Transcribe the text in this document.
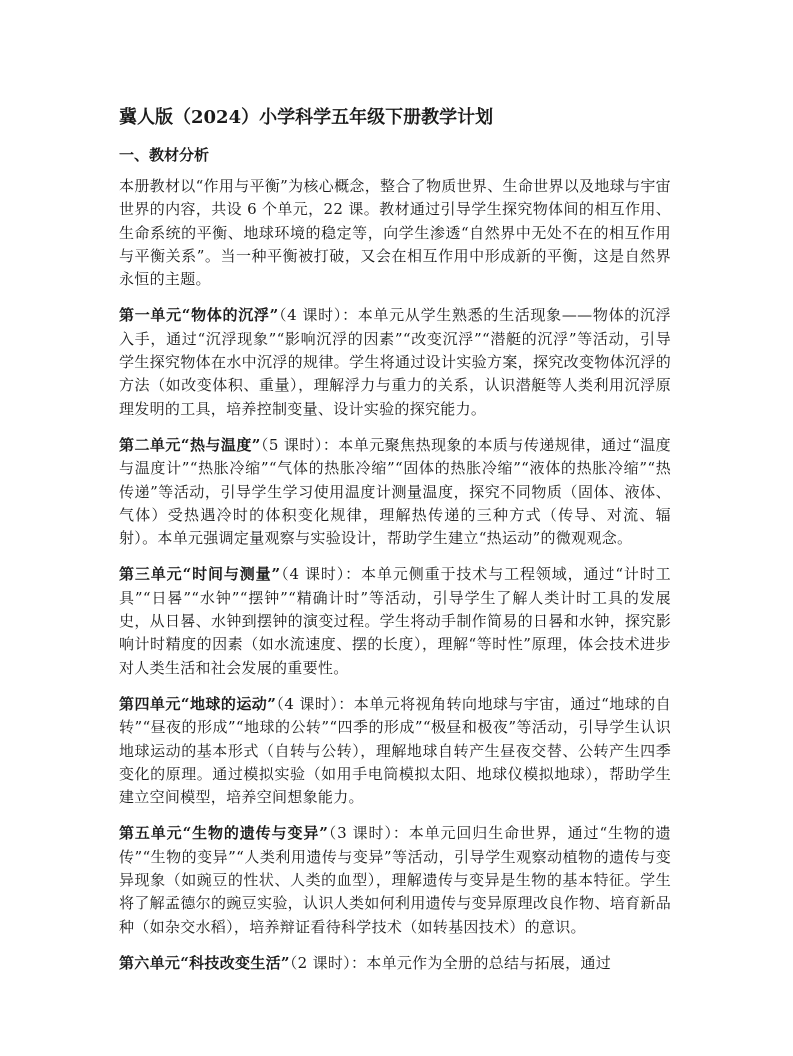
冀人版（2024）小学科学五年级下册教学计划
一、教材分析

本册教材以“作用与平衡”为核心概念，整合了物质世界、生命世界以及地球与宇宙世界的内容，共设 6 个单元，22 课。教材通过引导学生探究物体间的相互作用、生命系统的平衡、地球环境的稳定等，向学生渗透“自然界中无处不在的相互作用与平衡关系”。当一种平衡被打破，又会在相互作用中形成新的平衡，这是自然界永恒的主题。

第一单元“物体的沉浮”（4 课时）：本单元从学生熟悉的生活现象——物体的沉浮入手，通过“沉浮现象”“影响沉浮的因素”“改变沉浮”“潜艇的沉浮”等活动，引导学生探究物体在水中沉浮的规律。学生将通过设计实验方案，探究改变物体沉浮的方法（如改变体积、重量），理解浮力与重力的关系，认识潜艇等人类利用沉浮原理发明的工具，培养控制变量、设计实验的探究能力。

第二单元“热与温度”（5 课时）：本单元聚焦热现象的本质与传递规律，通过“温度与温度计”“热胀冷缩”“气体的热胀冷缩”“固体的热胀冷缩”“液体的热胀冷缩”“热传递”等活动，引导学生学习使用温度计测量温度，探究不同物质（固体、液体、气体）受热遇冷时的体积变化规律，理解热传递的三种方式（传导、对流、辐射）。本单元强调定量观察与实验设计，帮助学生建立“热运动”的微观观念。

第三单元“时间与测量”（4 课时）：本单元侧重于技术与工程领域，通过“计时工具”“日晷”“水钟”“摆钟”“精确计时”等活动，引导学生了解人类计时工具的发展史，从日晷、水钟到摆钟的演变过程。学生将动手制作简易的日晷和水钟，探究影响计时精度的因素（如水流速度、摆的长度），理解“等时性”原理，体会技术进步对人类生活和社会发展的重要性。

第四单元“地球的运动”（4 课时）：本单元将视角转向地球与宇宙，通过“地球的自转”“昼夜的形成”“地球的公转”“四季的形成”“极昼和极夜”等活动，引导学生认识地球运动的基本形式（自转与公转），理解地球自转产生昼夜交替、公转产生四季变化的原理。通过模拟实验（如用手电筒模拟太阳、地球仪模拟地球），帮助学生建立空间模型，培养空间想象能力。

第五单元“生物的遗传与变异”（3 课时）：本单元回归生命世界，通过“生物的遗传”“生物的变异”“人类利用遗传与变异”等活动，引导学生观察动植物的遗传与变异现象（如豌豆的性状、人类的血型），理解遗传与变异是生物的基本特征。学生将了解孟德尔的豌豆实验，认识人类如何利用遗传与变异原理改良作物、培育新品种（如杂交水稻），培养辩证看待科学技术（如转基因技术）的意识。

第六单元“科技改变生活”（2 课时）：本单元作为全册的总结与拓展，通过
